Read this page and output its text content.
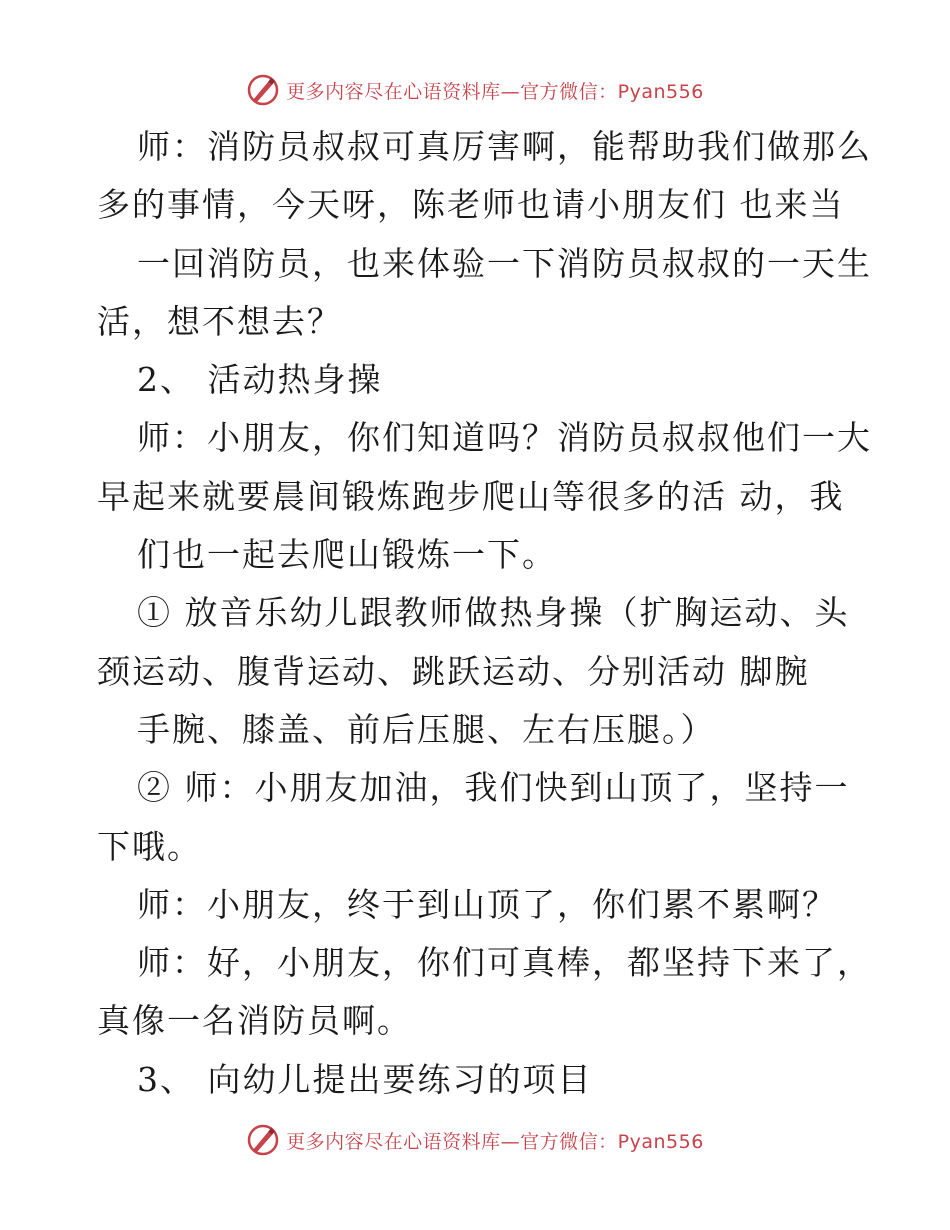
更多内容尽在心语资料库—官方微信：Pyan556
师：消防员叔叔可真厉害啊，能帮助我们做那么
多的事情，今天呀，陈老师也请小朋友们 也来当
一回消防员，也来体验一下消防员叔叔的一天生
活，想不想去？
2、 活动热身操
师：小朋友，你们知道吗？消防员叔叔他们一大
早起来就要晨间锻炼跑步爬山等很多的活 动，我
们也一起去爬山锻炼一下。
① 放音乐幼儿跟教师做热身操（扩胸运动、头
颈运动、腹背运动、跳跃运动、分别活动 脚腕
手腕、膝盖、前后压腿、左右压腿。）
② 师：小朋友加油，我们快到山顶了，坚持一
下哦。
师：小朋友，终于到山顶了，你们累不累啊？
师：好，小朋友，你们可真棒，都坚持下来了，
真像一名消防员啊。
3、 向幼儿提出要练习的项目
更多内容尽在心语资料库—官方微信：Pyan556
